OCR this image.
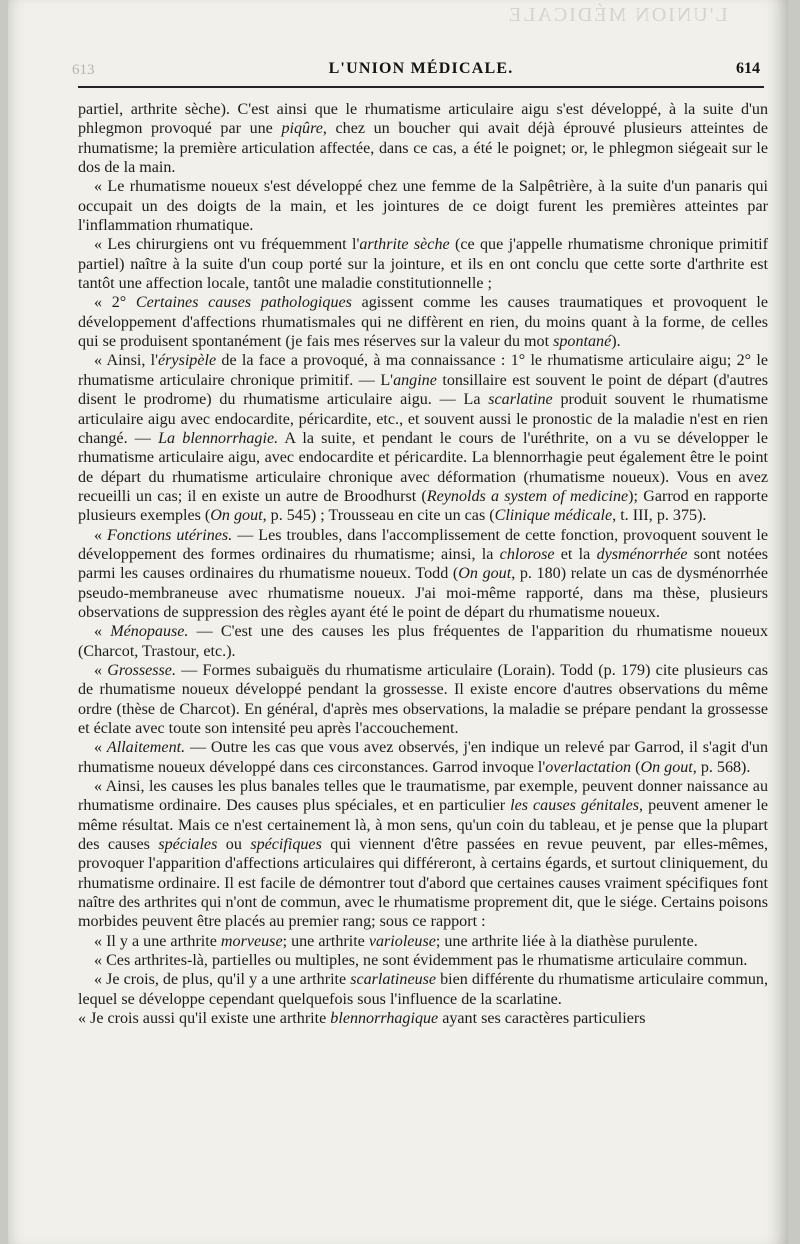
L'UNION MÉDICALE
613	L'UNION MÉDICALE.	614

partiel, arthrite sèche). C'est ainsi que le rhumatisme articulaire aigu s'est développé, à la suite d'un phlegmon provoqué par une piqûre, chez un boucher qui avait déjà éprouvé plusieurs atteintes de rhumatisme; la première articulation affectée, dans ce cas, a été le poignet; or, le phlegmon siégeait sur le dos de la main.

« Le rhumatisme noueux s'est développé chez une femme de la Salpêtrière, à la suite d'un panaris qui occupait un des doigts de la main, et les jointures de ce doigt furent les premières atteintes par l'inflammation rhumatique.

« Les chirurgiens ont vu fréquemment l'arthrite sèche (ce que j'appelle rhumatisme chronique primitif partiel) naître à la suite d'un coup porté sur la jointure, et ils en ont conclu que cette sorte d'arthrite est tantôt une affection locale, tantôt une maladie constitutionnelle ;

« 2° Certaines causes pathologiques agissent comme les causes traumatiques et provoquent le développement d'affections rhumatismales qui ne diffèrent en rien, du moins quant à la forme, de celles qui se produisent spontanément (je fais mes réserves sur la valeur du mot spontané).

« Ainsi, l'érysipèle de la face a provoqué, à ma connaissance : 1° le rhumatisme articulaire aigu; 2° le rhumatisme articulaire chronique primitif. — L'angine tonsillaire est souvent le point de départ (d'autres disent le prodrome) du rhumatisme articulaire aigu. — La scarlatine produit souvent le rhumatisme articulaire aigu avec endocardite, péricardite, etc., et souvent aussi le pronostic de la maladie n'est en rien changé. — La blennorrhagie. A la suite, et pendant le cours de l'uréthrite, on a vu se développer le rhumatisme articulaire aigu, avec endocardite et péricardite. La blennorrhagie peut également être le point de départ du rhumatisme articulaire chronique avec déformation (rhumatisme noueux). Vous en avez recueilli un cas; il en existe un autre de Broodhurst (Reynolds a system of medicine); Garrod en rapporte plusieurs exemples (On gout, p. 545) ; Trousseau en cite un cas (Clinique médicale, t. III, p. 375).

« Fonctions utérines. — Les troubles, dans l'accomplissement de cette fonction, provoquent souvent le développement des formes ordinaires du rhumatisme; ainsi, la chlorose et la dysménorrhée sont notées parmi les causes ordinaires du rhumatisme noueux. Todd (On gout, p. 180) relate un cas de dysménorrhée pseudo-membraneuse avec rhumatisme noueux. J'ai moi-même rapporté, dans ma thèse, plusieurs observations de suppression des règles ayant été le point de départ du rhumatisme noueux.

« Ménopause. — C'est une des causes les plus fréquentes de l'apparition du rhumatisme noueux (Charcot, Trastour, etc.).

« Grossesse. — Formes subaiguës du rhumatisme articulaire (Lorain). Todd (p. 179) cite plusieurs cas de rhumatisme noueux développé pendant la grossesse. Il existe encore d'autres observations du même ordre (thèse de Charcot). En général, d'après mes observations, la maladie se prépare pendant la grossesse et éclate avec toute son intensité peu après l'accouchement.

« Allaitement. — Outre les cas que vous avez observés, j'en indique un relevé par Garrod, il s'agit d'un rhumatisme noueux développé dans ces circonstances. Garrod invoque l'overlactation (On gout, p. 568).

« Ainsi, les causes les plus banales telles que le traumatisme, par exemple, peuvent donner naissance au rhumatisme ordinaire. Des causes plus spéciales, et en particulier les causes génitales, peuvent amener le même résultat. Mais ce n'est certainement là, à mon sens, qu'un coin du tableau, et je pense que la plupart des causes spéciales ou spécifiques qui viennent d'être passées en revue peuvent, par elles-mêmes, provoquer l'apparition d'affections articulaires qui différeront, à certains égards, et surtout cliniquement, du rhumatisme ordinaire. Il est facile de démontrer tout d'abord que certaines causes vraiment spécifiques font naître des arthrites qui n'ont de commun, avec le rhumatisme proprement dit, que le siége. Certains poisons morbides peuvent être placés au premier rang; sous ce rapport :

« Il y a une arthrite morveuse; une arthrite varioleuse; une arthrite liée à la diathèse purulente.

« Ces arthrites-là, partielles ou multiples, ne sont évidemment pas le rhumatisme articulaire commun.

« Je crois, de plus, qu'il y a une arthrite scarlatineuse bien différente du rhumatisme articulaire commun, lequel se développe cependant quelquefois sous l'influence de la scarlatine.

« Je crois aussi qu'il existe une arthrite blennorrhagique ayant ses caractères particuliers
